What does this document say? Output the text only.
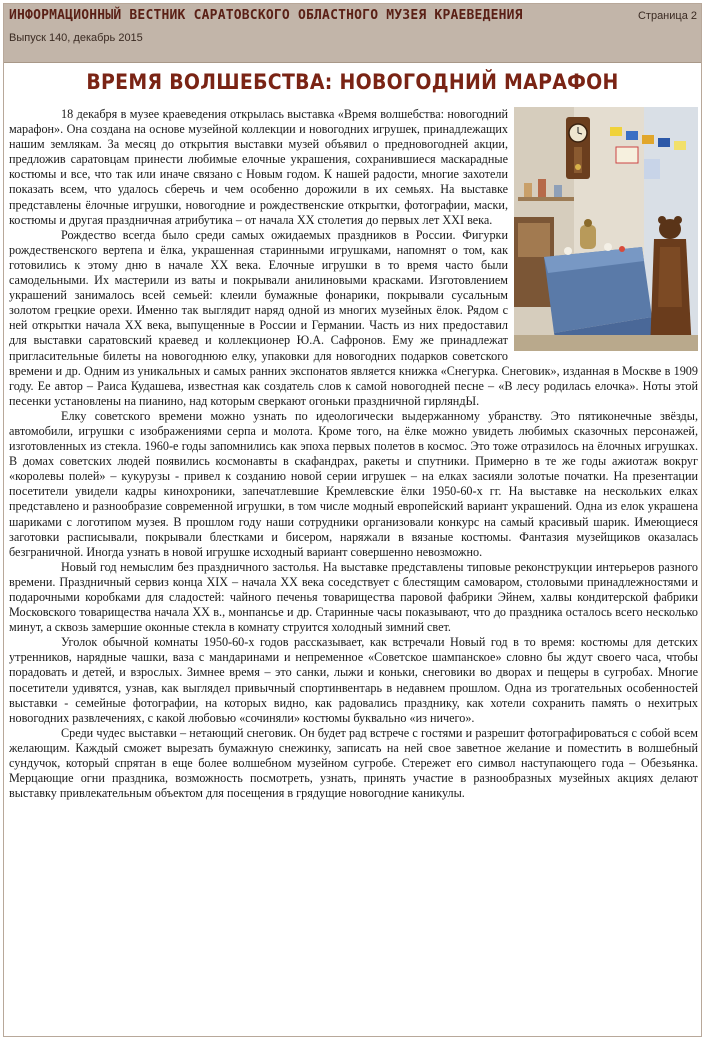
ИНФОРМАЦИОННЫЙ ВЕСТНИК САРАТОВСКОГО ОБЛАСТНОГО МУЗЕЯ КРАЕВЕДЕНИЯ
Выпуск 140, декабрь 2015
Страница 2
ВРЕМЯ ВОЛШЕБСТВА: НОВОГОДНИЙ МАРАФОН

18 декабря в музее краеведения открылась выставка «Время волшебства: новогодний марафон». Она создана на основе музейной коллекции и новогодних игрушек, принадлежащих нашим землякам. За месяц до открытия выставки музей объявил о предновогодней акции, предложив саратовцам принести любимые елочные украшения, сохранившиеся маскарадные костюмы и все, что так или иначе связано с Новым годом. К нашей радости, многие захотели показать всем, что удалось сберечь и чем особенно дорожили в их семьях. На выставке представлены ёлочные игрушки, новогодние и рождественские открытки, фотографии, маски, костюмы и другая праздничная атрибутика – от начала XX столетия до первых лет XXI века.

Рождество всегда было среди самых ожидаемых праздников в России. Фигурки рождественского вертепа и ёлка, украшенная старинными игрушками, напомнят о том, как готовились к этому дню в начале XX века. Елочные игрушки в то время часто были самодельными. Их мастерили из ваты и покрывали анилиновыми красками. Изготовлением украшений занималось всей семьей: клеили бумажные фонарики, покрывали сусальным золотом грецкие орехи. Именно так выглядит наряд одной из многих музейных ёлок. Рядом с ней открытки начала XX века, выпущенные в России и Германии. Часть из них предоставил для выставки саратовский краевед и коллекционер Ю.А. Сафронов. Ему же принадлежат пригласительные билеты на новогоднюю елку, упаковки для новогодних подарков советского времени и др. Одним из уникальных и самых ранних экспонатов является книжка «Снегурка. Снеговик», изданная в Москве в 1909 году. Ее автор – Раиса Кудашева, известная как создатель слов к самой новогодней песне – «В лесу родилась елочка». Ноты этой песенки установлены на пианино, над которым сверкают огоньки праздничной гирляндЫ.

Елку советского времени можно узнать по идеологически выдержанному убранству. Это пятиконечные звёзды, автомобили, игрушки с изображениями серпа и молота. Кроме того, на ёлке можно увидеть любимых сказочных персонажей, изготовленных из стекла. 1960-е годы запомнились как эпоха первых полетов в космос. Это тоже отразилось на ёлочных игрушках. В домах советских людей появились космонавты в скафандрах, ракеты и спутники. Примерно в те же годы ажиотаж вокруг «королевы полей» – кукурузы - привел к созданию новой серии игрушек – на елках засияли золотые початки. На презентации посетители увидели кадры кинохроники, запечатлевшие Кремлевские ёлки 1950-60-х гг. На выставке на нескольких елках представлено и разнообразие современной игрушки, в том числе модный европейский вариант украшений. Одна из елок украшена шариками с логотипом музея. В прошлом году наши сотрудники организовали конкурс на самый красивый шарик. Имеющиеся заготовки расписывали, покрывали блестками и бисером, наряжали в вязаные костюмы. Фантазия музейщиков оказалась безграничной. Иногда узнать в новой игрушке исходный вариант совершенно невозможно.

Новый год немыслим без праздничного застолья. На выставке представлены типовые реконструкции интерьеров разного времени. Праздничный сервиз конца XIX – начала XX века соседствует с блестящим самоваром, столовыми принадлежностями и подарочными коробками для сладостей: чайного печенья товарищества паровой фабрики Эйнем, халвы кондитерской фабрики Московского товарищества начала XX в., монпансье и др. Старинные часы показывают, что до праздника осталось всего несколько минут, а сквозь замершие оконные стекла в комнату струится холодный зимний свет.

Уголок обычной комнаты 1950-60-х годов рассказывает, как встречали Новый год в то время: костюмы для детских утренников, нарядные чашки, ваза с мандаринами и непременное «Советское шампанское» словно бы ждут своего часа, чтобы порадовать и детей, и взрослых. Зимнее время – это санки, лыжи и коньки, снеговики во дворах и пещеры в сугробах. Многие посетители удивятся, узнав, как выглядел привычный спортинвентарь в недавнем прошлом. Одна из трогательных особенностей выставки - семейные фотографии, на которых видно, как радовались празднику, как хотели сохранить память о нехитрых новогодних развлечениях, с какой любовью «сочиняли» костюмы буквально «из ничего».

Среди чудес выставки – нетающий снеговик. Он будет рад встрече с гостями и разрешит фотографироваться с собой всем желающим. Каждый сможет вырезать бумажную снежинку, записать на ней свое заветное желание и поместить в волшебный сундучок, который спрятан в еще более волшебном музейном сугробе. Стережет его символ наступающего года – Обезьянка. Мерцающие огни праздника, возможность посмотреть, узнать, принять участие в разнообразных музейных акциях делают выставку привлекательным объектом для посещения в грядущие новогодние каникулы.
